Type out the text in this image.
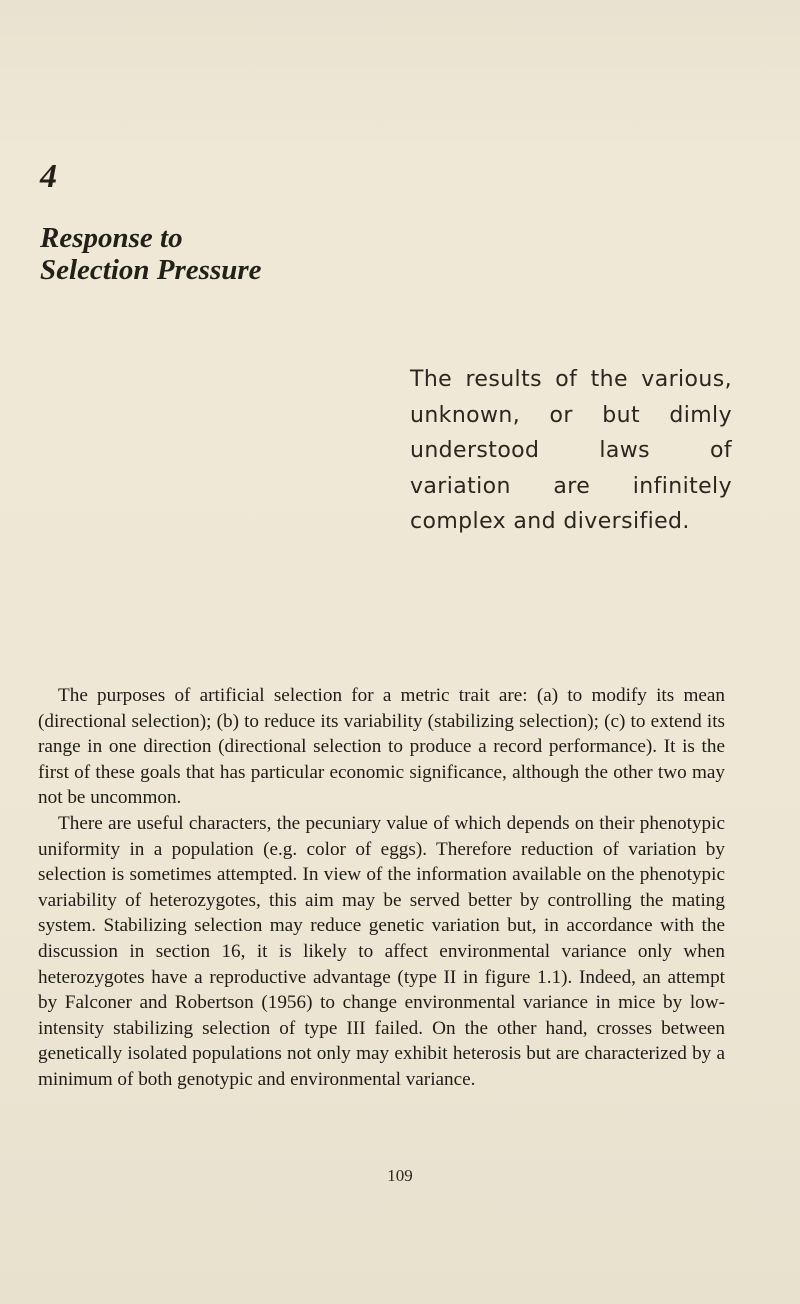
4
Response to
Selection Pressure
The results of the various, unknown, or but dimly understood laws of variation are infinitely complex and diversified.

The purposes of artificial selection for a metric trait are: (a) to modify its mean (directional selection); (b) to reduce its variability (stabilizing selection); (c) to extend its range in one direction (directional selection to produce a record performance). It is the first of these goals that has particular economic significance, although the other two may not be uncommon.

There are useful characters, the pecuniary value of which depends on their phenotypic uniformity in a population (e.g. color of eggs). Therefore reduction of variation by selection is sometimes attempted. In view of the information available on the phenotypic variability of heterozygotes, this aim may be served better by controlling the mating system. Stabilizing selection may reduce genetic variation but, in accordance with the discussion in section 16, it is likely to affect environmental variance only when heterozygotes have a reproductive advantage (type II in figure 1.1). Indeed, an attempt by Falconer and Robertson (1956) to change environmental variance in mice by low-intensity stabilizing selection of type III failed. On the other hand, crosses between genetically isolated populations not only may exhibit heterosis but are characterized by a minimum of both genotypic and environmental variance.

109
